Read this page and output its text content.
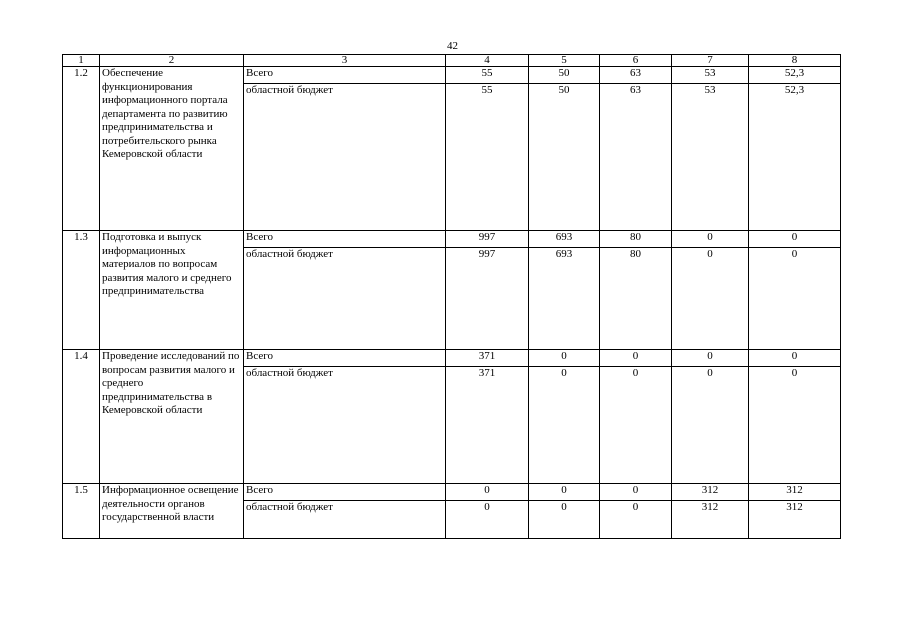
42
1	2	3	4	5	6	7	8
1.2	Обеспечение функционирования информационного портала департамента по развитию предпринимательства и потребительского рынка Кемеровской области	Всего	55	50	63	53	52,3
		областной бюджет	55	50	63	53	52,3
1.3	Подготовка и выпуск информационных материалов по вопросам развития малого и среднего предпринимательства	Всего	997	693	80	0	0
		областной бюджет	997	693	80	0	0
1.4	Проведение исследований по вопросам развития малого и среднего предпринимательства в Кемеровской области	Всего	371	0	0	0	0
		областной бюджет	371	0	0	0	0
1.5	Информационное освещение деятельности органов государственной власти	Всего	0	0	0	312	312
		областной бюджет	0	0	0	312	312
